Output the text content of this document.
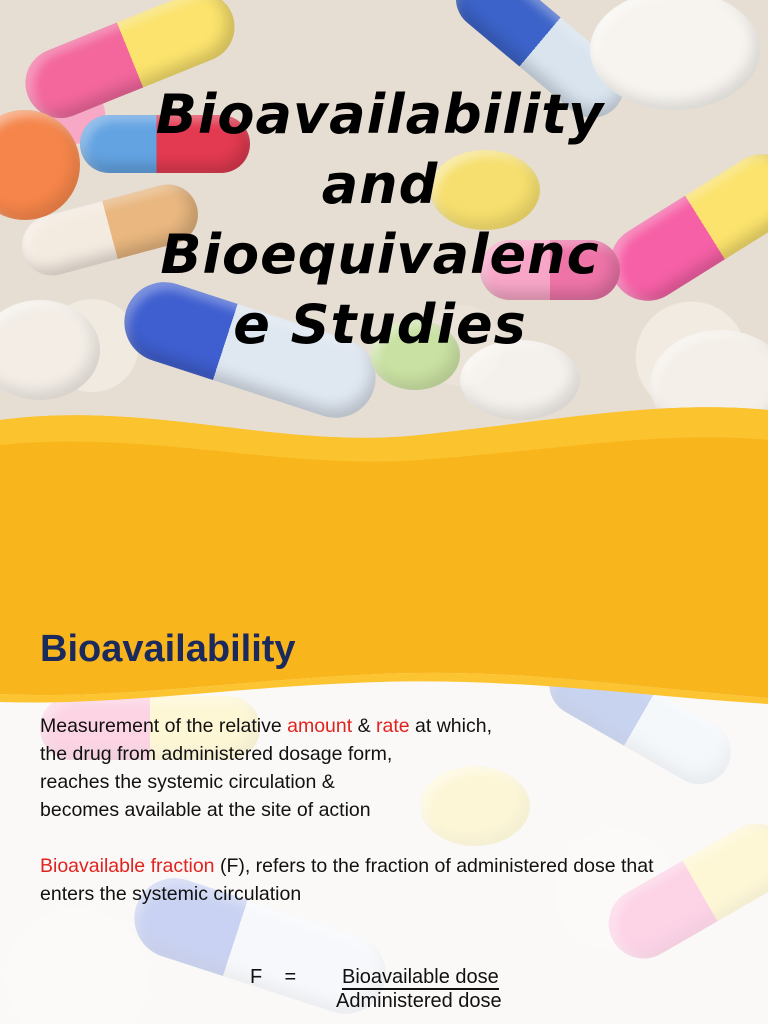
Bioavailability
and
Bioequivalenc
e Studies
Bioavailability

Measurement of the relative amount & rate at which,

the drug from administered dosage form,

reaches the systemic circulation &

becomes available at the site of action

Bioavailable fraction (F), refers to the fraction of administered dose that

enters the systemic circulation

F    = Bioavailable dose
Administered dose
